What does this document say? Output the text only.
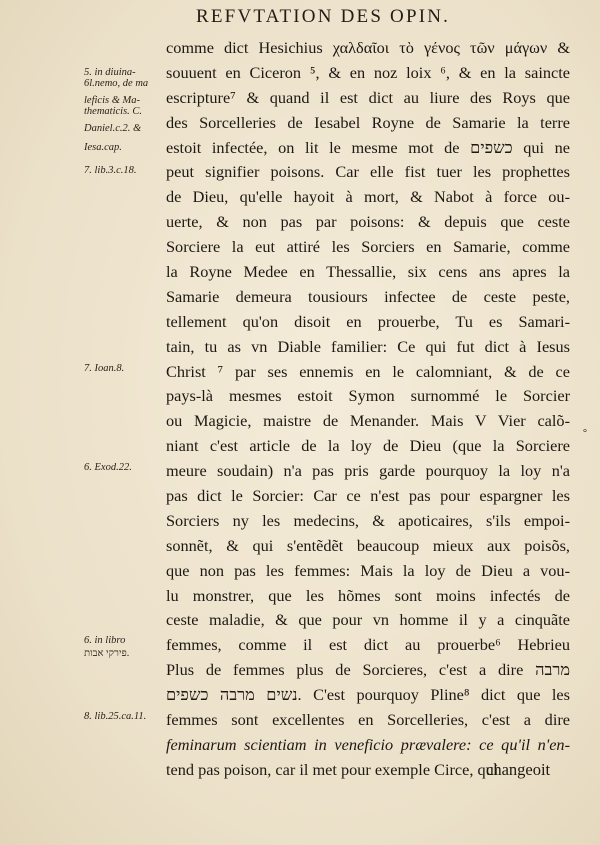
REFVTATION DES OPIN.
comme dict Hesichius χαλδαῖοι τὸ γένος τῶν μάγων &
souuent en Ciceron ⁵, & en noz loix ⁶, & en la saincte
escripture⁷ & quand il est dict au liure des Roys que
des Sorcelleries de Iesabel Royne de Samarie la terre
estoit infectée, on lit le mesme mot de כשפים qui ne
peut signifier poisons. Car elle fist tuer les prophettes
de Dieu, qu'elle hayoit à mort, & Nabot à force ou-
uerte, & non pas par poisons: & depuis que ceste
Sorciere la eut attiré les Sorciers en Samarie, comme
la Royne Medee en Thessallie, six cens ans apres la
Samarie demeura tousiours infectee de ceste peste,
tellement qu'on disoit en prouerbe, Tu es Samari-
tain, tu as vn Diable familier: Ce qui fut dict à Iesus
Christ ⁷ par ses ennemis en le calomniant, & de ce
pays-là mesmes estoit Symon surnommé le Sorcier
ou Magicie, maistre de Menander. Mais V Vier calõ-
niant c'est article de la loy de Dieu (que la Sorciere
meure soudain) n'a pas pris garde pourquoy la loy n'a
pas dict le Sorcier: Car ce n'est pas pour espargner les
Sorciers ny les medecins, & apoticaires, s'ils empoi-
sonnẽt, & qui s'entẽdẽt beaucoup mieux aux poisõs,
que non pas les femmes: Mais la loy de Dieu a vou-
lu monstrer, que les hõmes sont moins infectés de
ceste maladie, & que pour vn homme il y a cinquãte
femmes, comme il est dict au prouerbe⁶ Hebrieu
Plus de femmes plus de Sorcieres, c'est a dire מרבה
נשים מרבה כשפים. C'est pourquoy Pline⁸ dict que les
femmes sont excellentes en Sorcelleries, c'est a dire
feminarum scientiam in veneficio prævalere: ce qu'il n'en-
tend pas poison, car il met pour exemple Circe, qui
5. in diuina-
6l.nemo, de ma
leficis & Ma-
thematicis. C.
Daniel.c.2. &
Iesa.cap.
7. lib.3.c.18.
7. Ioan.8.
6. Exod.22.
6. in libro
פירקי אבות.
8. lib.25.ca.11.
°
changeoit
